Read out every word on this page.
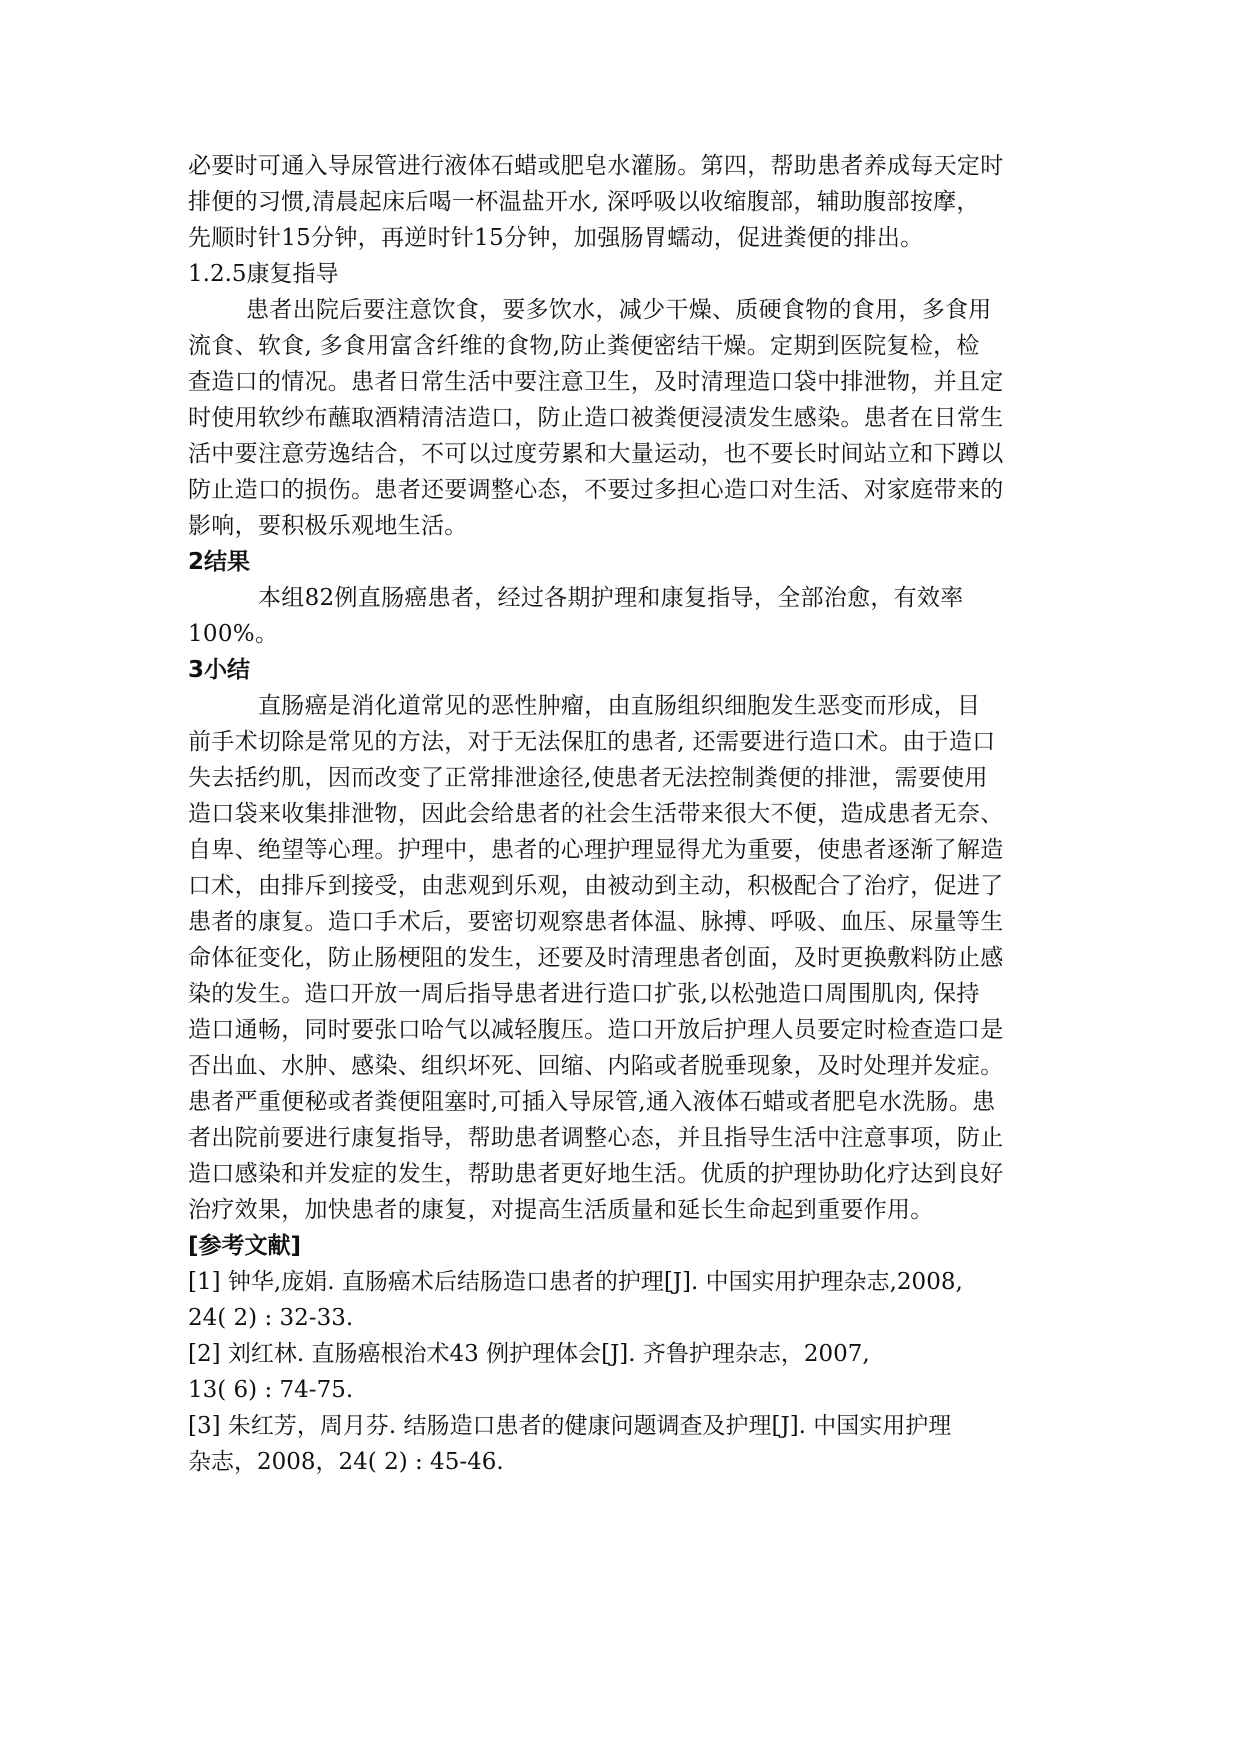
必要时可通入导尿管进行液体石蜡或肥皂水灌肠。第四，帮助患者养成每天定时
排便的习惯,清晨起床后喝一杯温盐开水, 深呼吸以收缩腹部，辅助腹部按摩，
先顺时针15分钟，再逆时针15分钟，加强肠胃蠕动，促进粪便的排出。
1.2.5康复指导
患者出院后要注意饮食，要多饮水，减少干燥、质硬食物的食用，多食用
流食、软食, 多食用富含纤维的食物,防止粪便密结干燥。定期到医院复检，检
查造口的情况。患者日常生活中要注意卫生，及时清理造口袋中排泄物，并且定
时使用软纱布蘸取酒精清洁造口，防止造口被粪便浸渍发生感染。患者在日常生
活中要注意劳逸结合，不可以过度劳累和大量运动，也不要长时间站立和下蹲以
防止造口的损伤。患者还要调整心态，不要过多担心造口对生活、对家庭带来的
影响，要积极乐观地生活。
2结果
本组82例直肠癌患者，经过各期护理和康复指导，全部治愈，有效率
100%。
3小结
直肠癌是消化道常见的恶性肿瘤，由直肠组织细胞发生恶变而形成，目
前手术切除是常见的方法，对于无法保肛的患者, 还需要进行造口术。由于造口
失去括约肌，因而改变了正常排泄途径,使患者无法控制粪便的排泄，需要使用
造口袋来收集排泄物，因此会给患者的社会生活带来很大不便，造成患者无奈、
自卑、绝望等心理。护理中，患者的心理护理显得尤为重要，使患者逐渐了解造
口术，由排斥到接受，由悲观到乐观，由被动到主动，积极配合了治疗，促进了
患者的康复。造口手术后，要密切观察患者体温、脉搏、呼吸、血压、尿量等生
命体征变化，防止肠梗阻的发生，还要及时清理患者创面，及时更换敷料防止感
染的发生。造口开放一周后指导患者进行造口扩张,以松弛造口周围肌肉, 保持
造口通畅，同时要张口哈气以减轻腹压。造口开放后护理人员要定时检查造口是
否出血、水肿、感染、组织坏死、回缩、内陷或者脱垂现象，及时处理并发症。
患者严重便秘或者粪便阻塞时,可插入导尿管,通入液体石蜡或者肥皂水洗肠。患
者出院前要进行康复指导，帮助患者调整心态，并且指导生活中注意事项，防止
造口感染和并发症的发生，帮助患者更好地生活。优质的护理协助化疗达到良好
治疗效果，加快患者的康复，对提高生活质量和延长生命起到重要作用。
[参考文献]
[1] 钟华,庞娟. 直肠癌术后结肠造口患者的护理[J]. 中国实用护理杂志,2008,
24( 2) : 32-33.
[2] 刘红林. 直肠癌根治术43 例护理体会[J]. 齐鲁护理杂志，2007,
13( 6) : 74-75.
[3] 朱红芳，周月芬. 结肠造口患者的健康问题调查及护理[J]. 中国实用护理
杂志，2008，24( 2) : 45-46.
